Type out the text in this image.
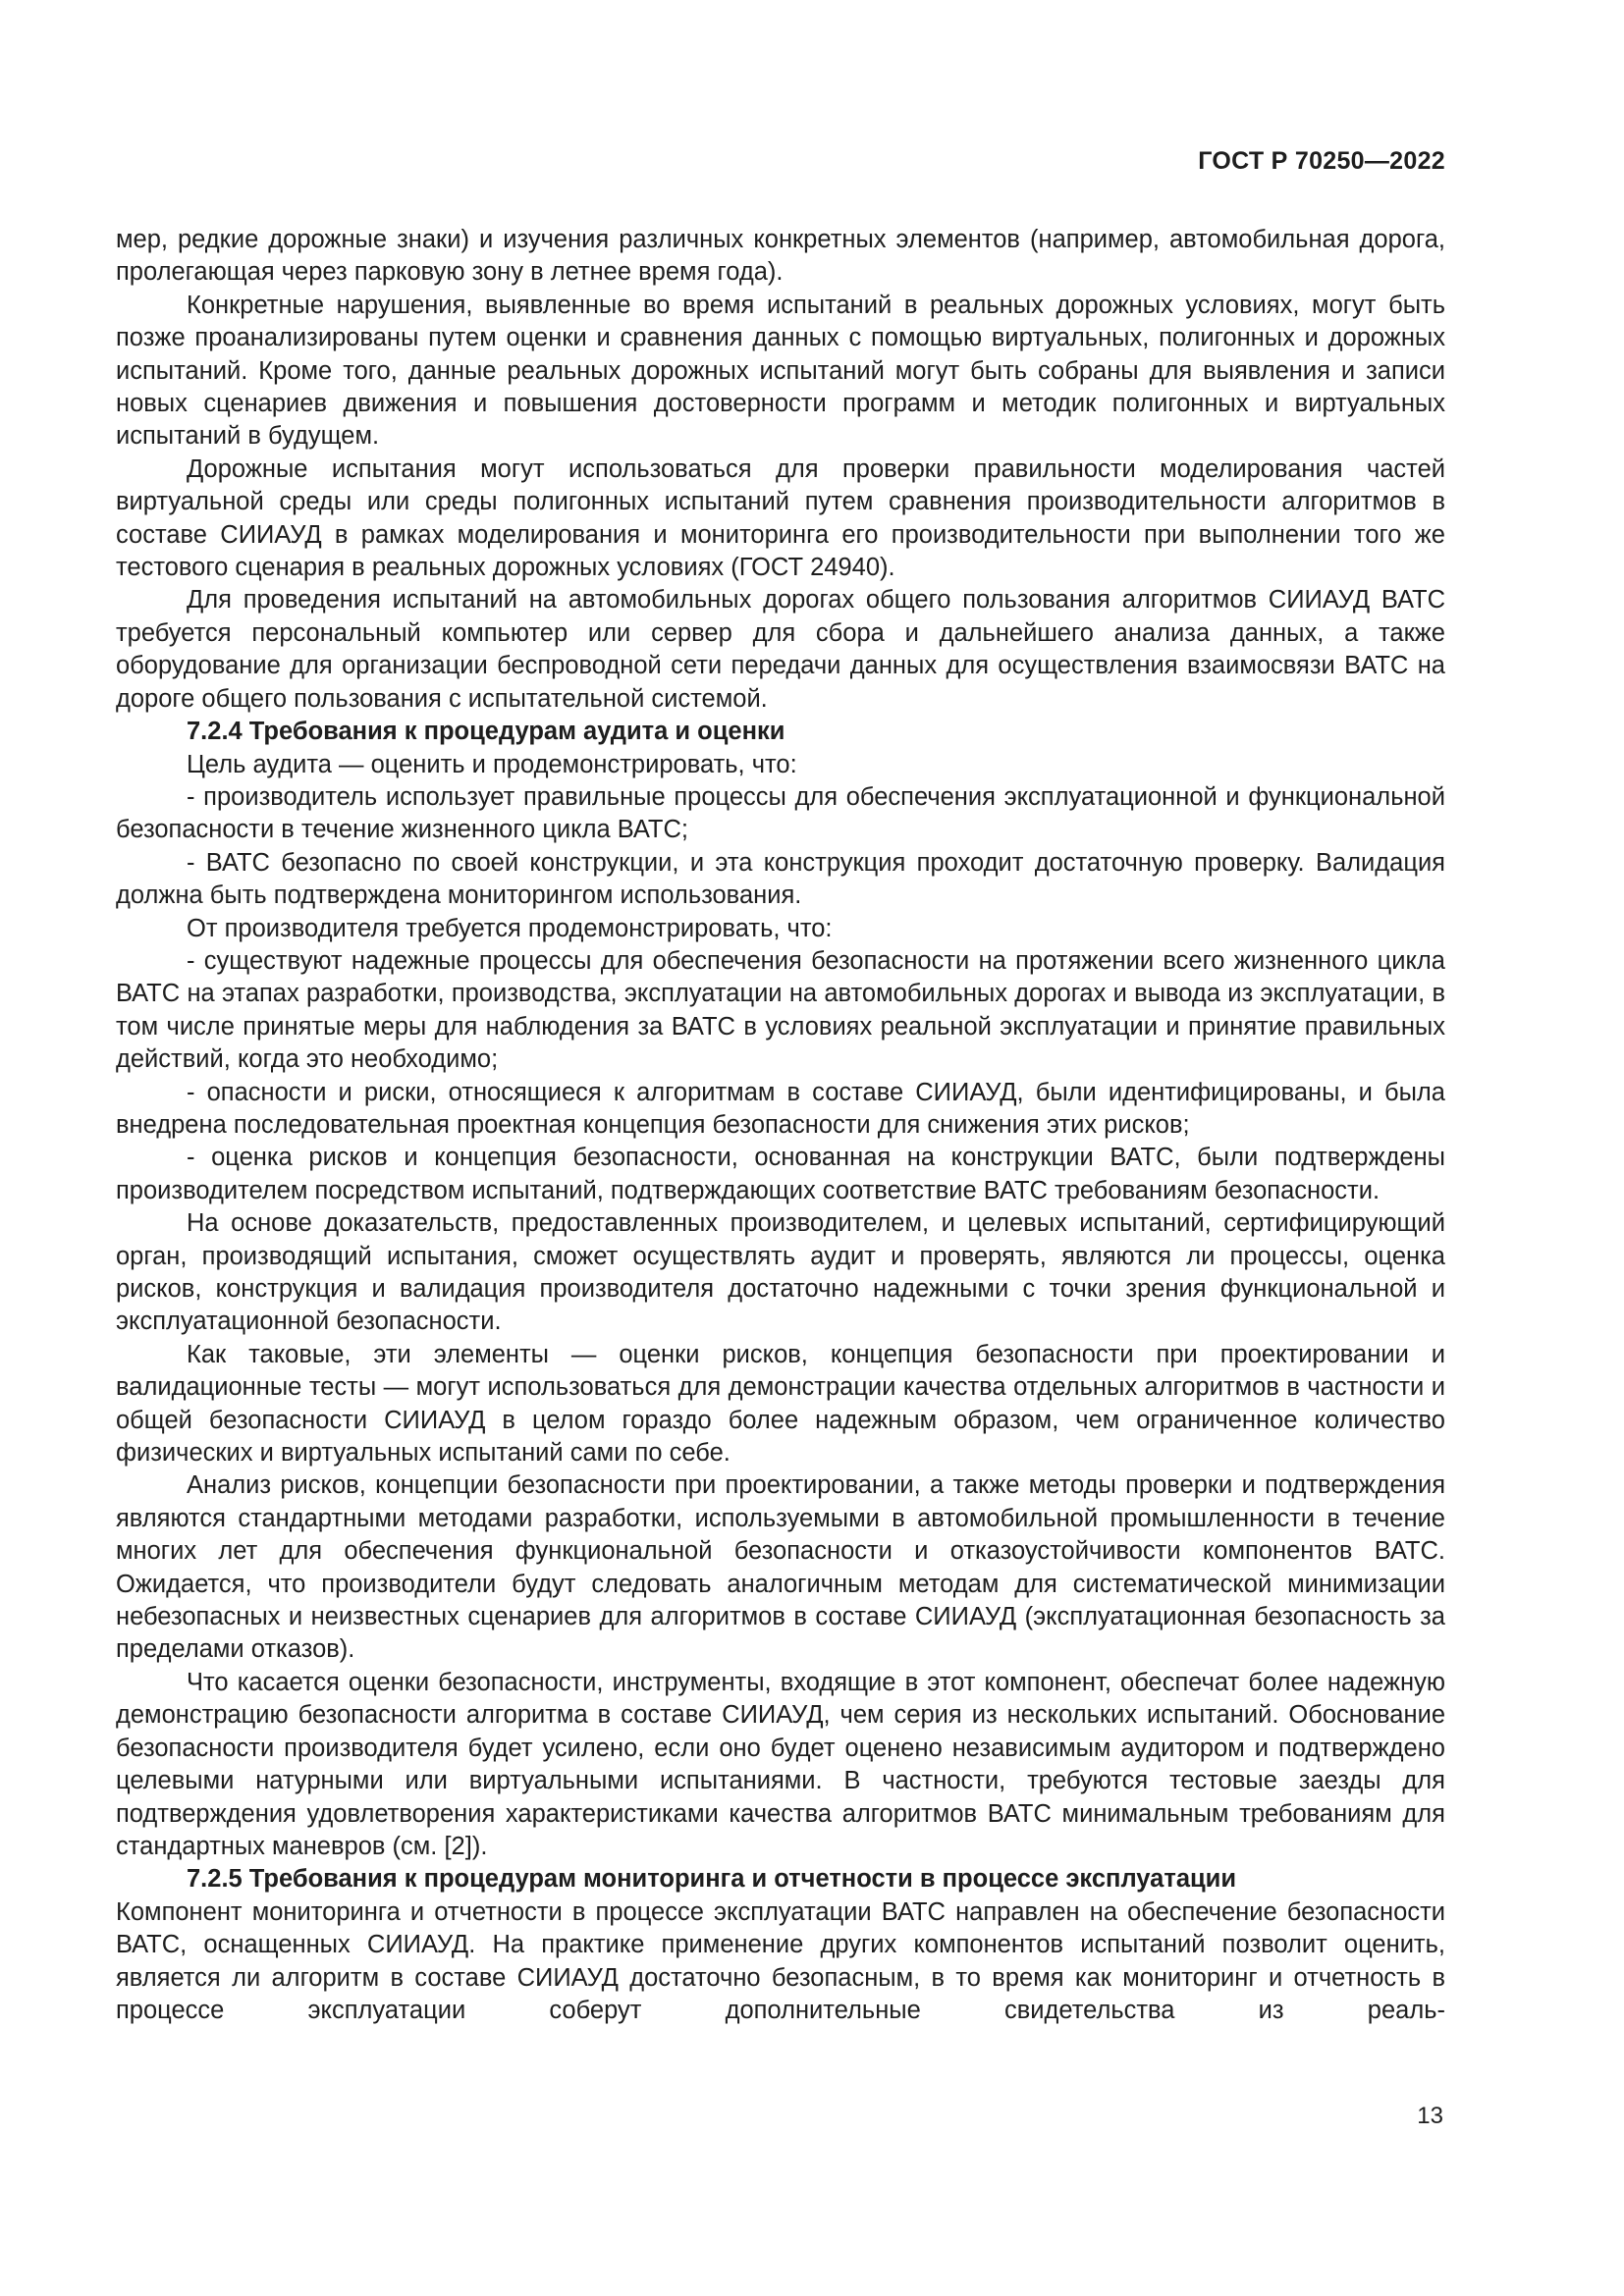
ГОСТ Р 70250—2022

мер, редкие дорожные знаки) и изучения различных конкретных элементов (например, автомобильная дорога, пролегающая через парковую зону в летнее время года).

Конкретные нарушения, выявленные во время испытаний в реальных дорожных условиях, могут быть позже проанализированы путем оценки и сравнения данных с помощью виртуальных, полигонных и дорожных испытаний. Кроме того, данные реальных дорожных испытаний могут быть собраны для выявления и записи новых сценариев движения и повышения достоверности программ и методик полигонных и виртуальных испытаний в будущем.

Дорожные испытания могут использоваться для проверки правильности моделирования частей виртуальной среды или среды полигонных испытаний путем сравнения производительности алгоритмов в составе СИИАУД в рамках моделирования и мониторинга его производительности при выполнении того же тестового сценария в реальных дорожных условиях (ГОСТ 24940).

Для проведения испытаний на автомобильных дорогах общего пользования алгоритмов СИИАУД ВАТС требуется персональный компьютер или сервер для сбора и дальнейшего анализа данных, а также оборудование для организации беспроводной сети передачи данных для осуществления взаимосвязи ВАТС на дороге общего пользования с испытательной системой.

7.2.4 Требования к процедурам аудита и оценки

Цель аудита — оценить и продемонстрировать, что:

- производитель использует правильные процессы для обеспечения эксплуатационной и функциональной безопасности в течение жизненного цикла ВАТС;

- ВАТС безопасно по своей конструкции, и эта конструкция проходит достаточную проверку. Валидация должна быть подтверждена мониторингом использования.

От производителя требуется продемонстрировать, что:

- существуют надежные процессы для обеспечения безопасности на протяжении всего жизненного цикла ВАТС на этапах разработки, производства, эксплуатации на автомобильных дорогах и вывода из эксплуатации, в том числе принятые меры для наблюдения за ВАТС в условиях реальной эксплуатации и принятие правильных действий, когда это необходимо;

- опасности и риски, относящиеся к алгоритмам в составе СИИАУД, были идентифицированы, и была внедрена последовательная проектная концепция безопасности для снижения этих рисков;

- оценка рисков и концепция безопасности, основанная на конструкции ВАТС, были подтверждены производителем посредством испытаний, подтверждающих соответствие ВАТС требованиям безопасности.

На основе доказательств, предоставленных производителем, и целевых испытаний, сертифицирующий орган, производящий испытания, сможет осуществлять аудит и проверять, являются ли процессы, оценка рисков, конструкция и валидация производителя достаточно надежными с точки зрения функциональной и эксплуатационной безопасности.

Как таковые, эти элементы — оценки рисков, концепция безопасности при проектировании и валидационные тесты — могут использоваться для демонстрации качества отдельных алгоритмов в частности и общей безопасности СИИАУД в целом гораздо более надежным образом, чем ограниченное количество физических и виртуальных испытаний сами по себе.

Анализ рисков, концепции безопасности при проектировании, а также методы проверки и подтверждения являются стандартными методами разработки, используемыми в автомобильной промышленности в течение многих лет для обеспечения функциональной безопасности и отказоустойчивости компонентов ВАТС. Ожидается, что производители будут следовать аналогичным методам для систематической минимизации небезопасных и неизвестных сценариев для алгоритмов в составе СИИАУД (эксплуатационная безопасность за пределами отказов).

Что касается оценки безопасности, инструменты, входящие в этот компонент, обеспечат более надежную демонстрацию безопасности алгоритма в составе СИИАУД, чем серия из нескольких испытаний. Обоснование безопасности производителя будет усилено, если оно будет оценено независимым аудитором и подтверждено целевыми натурными или виртуальными испытаниями. В частности, требуются тестовые заезды для подтверждения удовлетворения характеристиками качества алгоритмов ВАТС минимальным требованиям для стандартных маневров (см. [2]).

7.2.5 Требования к процедурам мониторинга и отчетности в процессе эксплуатации

Компонент мониторинга и отчетности в процессе эксплуатации ВАТС направлен на обеспечение безопасности ВАТС, оснащенных СИИАУД. На практике применение других компонентов испытаний позволит оценить, является ли алгоритм в составе СИИАУД достаточно безопасным, в то время как мониторинг и отчетность в процессе эксплуатации соберут дополнительные свидетельства из реаль-

13
